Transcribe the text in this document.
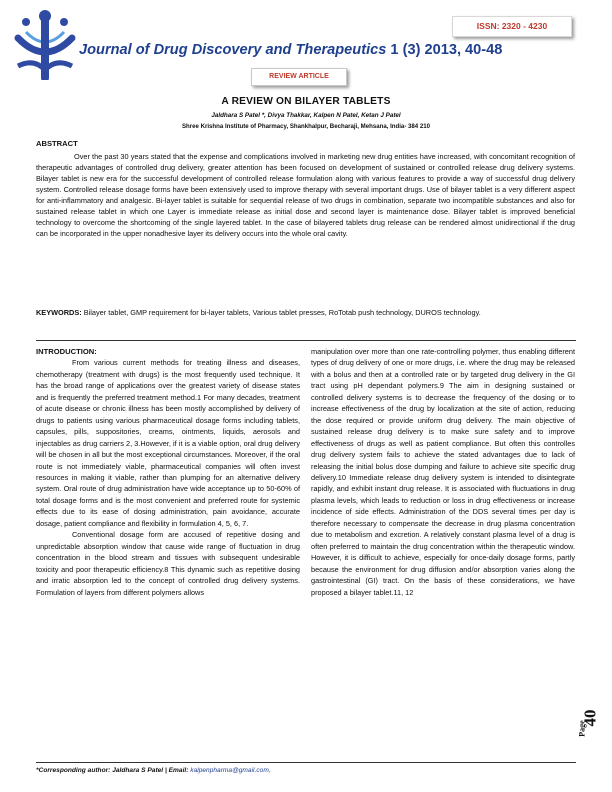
ISSN: 2320 - 4230
Journal of Drug Discovery and Therapeutics 1 (3) 2013, 40-48
REVIEW ARTICLE
A REVIEW ON BILAYER TABLETS
Jaldhara S Patel *, Divya Thakkar, Kalpen N Patel, Ketan J Patel
Shree Krishna Institute of Pharmacy, Shankhalpur, Becharaji, Mehsana, India- 384 210
ABSTRACT

Over the past 30 years stated that the expense and complications involved in marketing new drug entities have increased, with concomitant recognition of therapeutic advantages of controlled drug delivery, greater attention has been focused on development of sustained or controlled release drug delivery systems. Bilayer tablet is new era for the successful development of controlled release formulation along with various features to provide a way of successful drug delivery system. Controlled release dosage forms have been extensively used to improve therapy with several important drugs. Use of bilayer tablet is a very different aspect for anti-inflammatory and analgesic. Bi-layer tablet is suitable for sequential release of two drugs in combination, separate two incompatible substances and also for sustained release tablet in which one Layer is immediate release as initial dose and second layer is maintenance dose. Bilayer tablet is improved beneficial technology to overcome the shortcoming of the single layered tablet. In the case of bilayered tablets drug release can be rendered almost unidirectional if the drug can be incorporated in the upper nonadhesive layer its delivery occurs into the whole oral cavity.

KEYWORDS: Bilayer tablet, GMP requirement for bi-layer tablets, Various tablet presses, RoTotab push technology, DUROS technology.

INTRODUCTION:

From various current methods for treating illness and diseases, chemotherapy (treatment with drugs) is the most frequently used technique. It has the broad range of applications over the greatest variety of disease states and is frequently the preferred treatment method.1 For many decades, treatment of acute disease or chronic illness has been mostly accomplished by delivery of drugs to patients using various pharmaceutical dosage forms including tablets, capsules, pills, suppositories, creams, ointments, liquids, aerosols and injectables as drug carriers 2, 3.However, if it is a viable option, oral drug delivery will be chosen in all but the most exceptional circumstances. Moreover, if the oral route is not immediately viable, pharmaceutical companies will often invest resources in making it viable, rather than plumping for an alternative delivery system. Oral route of drug administration have wide acceptance up to 50-60% of total dosage forms and is the most convenient and preferred route for systemic effects due to its ease of dosing administration, pain avoidance, accurate dosage, patient compliance and flexibility in formulation 4, 5, 6, 7.

Conventional dosage form are accused of repetitive dosing and unpredictable absorption window that cause wide range of fluctuation in drug concentration in the blood stream and tissues with subsequent undesirable toxicity and poor therapeutic efficiency.8 This dynamic such as repetitive dosing and irratic absorption led to the concept of controlled drug delivery systems. Formulation of layers from different polymers allows

manipulation over more than one rate-controlling polymer, thus enabling different types of drug delivery of one or more drugs, i.e. where the drug may be released with a bolus and then at a controlled rate or by targeted drug delivery in the GI tract using pH dependant polymers.9 The aim in designing sustained or controlled delivery systems is to decrease the frequency of the dosing or to increase effectiveness of the drug by localization at the site of action, reducing the dose required or provide uniform drug delivery. The main objective of sustained release drug delivery is to make sure safety and to improve effectiveness of drugs as well as patient compliance. But often this controlles drug delivery system fails to achieve the stated advantages due to lack of releasing the initial bolus dose dumping and failure to achieve site specific drug delivery.10 Immediate release drug delivery system is intended to disintegrate rapidly, and exhibit instant drug release. It is associated with fluctuations in drug plasma levels, which leads to reduction or loss in drug effectiveness or increase incidence of side effects. Administration of the DDS several times per day is therefore necessary to compensate the decrease in drug plasma concentration due to metabolism and excretion. A relatively constant plasma level of a drug is often preferred to maintain the drug concentration within the therapeutic window. However, it is difficult to achieve, especially for once-daily dosage forms, partly because the environment for drug diffusion and/or absorption varies along the gastrointestinal (GI) tract. On the basis of these considerations, we have proposed a bilayer tablet.11, 12

*Corresponding author: Jaldhara S Patel | Email: kalpenpharma@gmail.com,
40
Page
